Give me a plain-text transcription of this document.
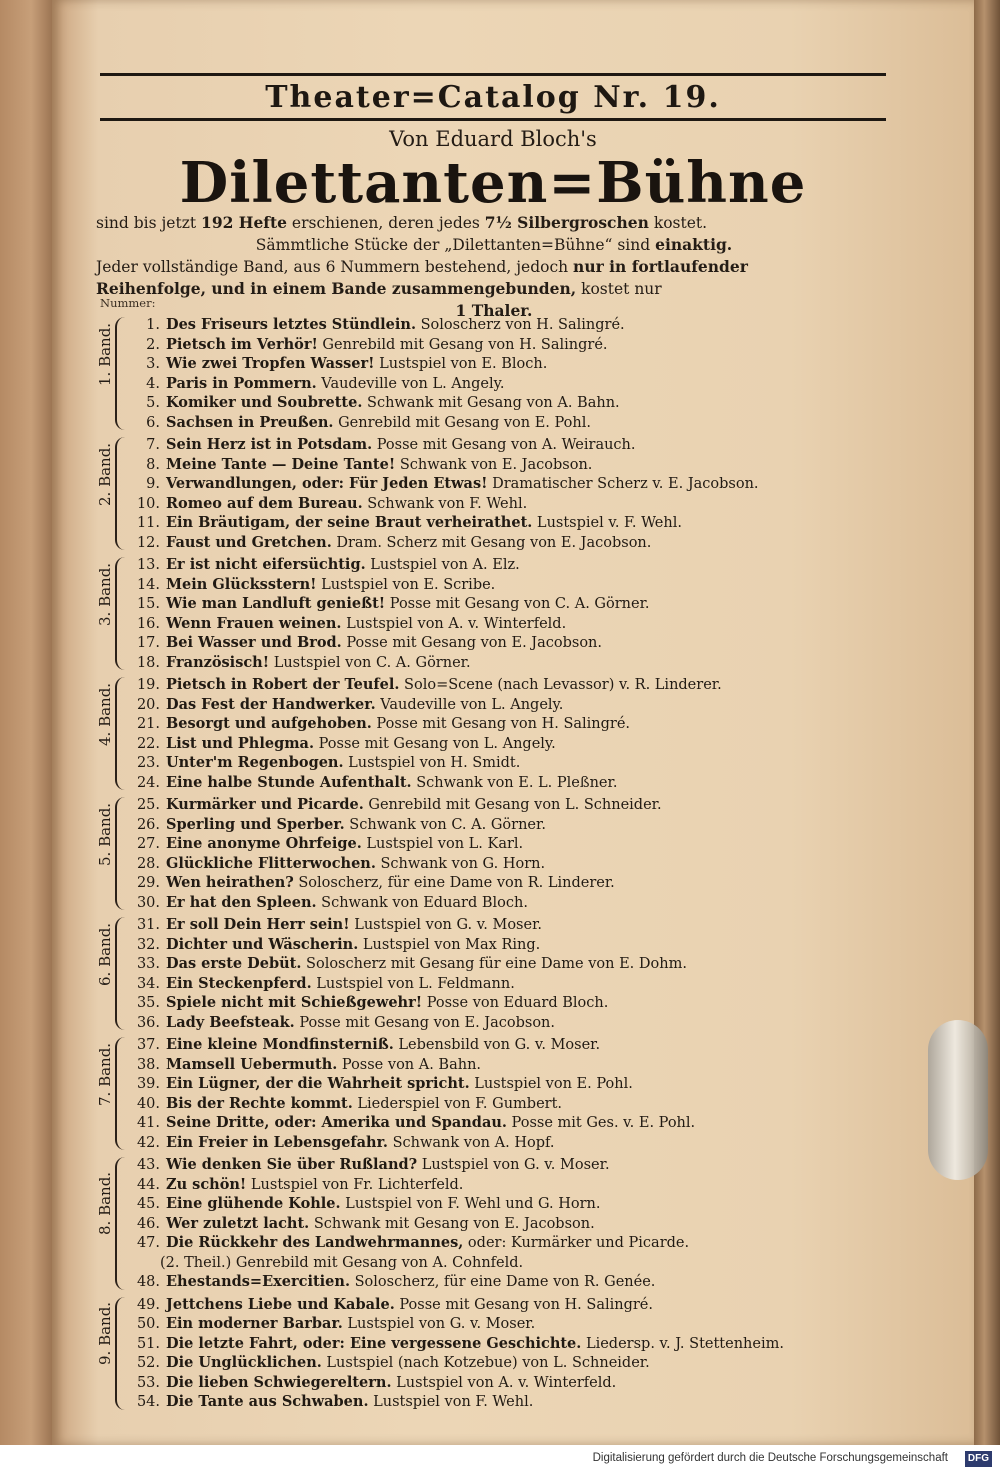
Theater=Catalog Nr. 19.
Von Eduard Bloch's
Dilettanten=Bühne
sind bis jetzt 192 Hefte erschienen, deren jedes 7½ Silbergroschen kostet.
Sämmtliche Stücke der „Dilettanten=Bühne“ sind einaktig.
Jeder vollständige Band, aus 6 Nummern bestehend, jedoch nur in fortlaufender
Reihenfolge, und in einem Bande zusammengebunden, kostet nur
1 Thaler.
Nummer:
1. Des Friseurs letztes Stündlein. Soloscherz von H. Salingré.
2. Pietsch im Verhör! Genrebild mit Gesang von H. Salingré.
3. Wie zwei Tropfen Wasser! Lustspiel von E. Bloch.
4. Paris in Pommern. Vaudeville von L. Angely.
5. Komiker und Soubrette. Schwank mit Gesang von A. Bahn.
6. Sachsen in Preußen. Genrebild mit Gesang von E. Pohl.
1. Band.
7. Sein Herz ist in Potsdam. Posse mit Gesang von A. Weirauch.
8. Meine Tante — Deine Tante! Schwank von E. Jacobson.
9. Verwandlungen, oder: Für Jeden Etwas! Dramatischer Scherz v. E. Jacobson.
10. Romeo auf dem Bureau. Schwank von F. Wehl.
11. Ein Bräutigam, der seine Braut verheirathet. Lustspiel v. F. Wehl.
12. Faust und Gretchen. Dram. Scherz mit Gesang von E. Jacobson.
2. Band.
13. Er ist nicht eifersüchtig. Lustspiel von A. Elz.
14. Mein Glücksstern! Lustspiel von E. Scribe.
15. Wie man Landluft genießt! Posse mit Gesang von C. A. Görner.
16. Wenn Frauen weinen. Lustspiel von A. v. Winterfeld.
17. Bei Wasser und Brod. Posse mit Gesang von E. Jacobson.
18. Französisch! Lustspiel von C. A. Görner.
3. Band.
19. Pietsch in Robert der Teufel. Solo=Scene (nach Levassor) v. R. Linderer.
20. Das Fest der Handwerker. Vaudeville von L. Angely.
21. Besorgt und aufgehoben. Posse mit Gesang von H. Salingré.
22. List und Phlegma. Posse mit Gesang von L. Angely.
23. Unter'm Regenbogen. Lustspiel von H. Smidt.
24. Eine halbe Stunde Aufenthalt. Schwank von E. L. Pleßner.
4. Band.
25. Kurmärker und Picarde. Genrebild mit Gesang von L. Schneider.
26. Sperling und Sperber. Schwank von C. A. Görner.
27. Eine anonyme Ohrfeige. Lustspiel von L. Karl.
28. Glückliche Flitterwochen. Schwank von G. Horn.
29. Wen heirathen? Soloscherz, für eine Dame von R. Linderer.
30. Er hat den Spleen. Schwank von Eduard Bloch.
5. Band.
31. Er soll Dein Herr sein! Lustspiel von G. v. Moser.
32. Dichter und Wäscherin. Lustspiel von Max Ring.
33. Das erste Debüt. Soloscherz mit Gesang für eine Dame von E. Dohm.
34. Ein Steckenpferd. Lustspiel von L. Feldmann.
35. Spiele nicht mit Schießgewehr! Posse von Eduard Bloch.
36. Lady Beefsteak. Posse mit Gesang von E. Jacobson.
6. Band.
37. Eine kleine Mondfinsterniß. Lebensbild von G. v. Moser.
38. Mamsell Uebermuth. Posse von A. Bahn.
39. Ein Lügner, der die Wahrheit spricht. Lustspiel von E. Pohl.
40. Bis der Rechte kommt. Liederspiel von F. Gumbert.
41. Seine Dritte, oder: Amerika und Spandau. Posse mit Ges. v. E. Pohl.
42. Ein Freier in Lebensgefahr. Schwank von A. Hopf.
7. Band.
43. Wie denken Sie über Rußland? Lustspiel von G. v. Moser.
44. Zu schön! Lustspiel von Fr. Lichterfeld.
45. Eine glühende Kohle. Lustspiel von F. Wehl und G. Horn.
46. Wer zuletzt lacht. Schwank mit Gesang von E. Jacobson.
47. Die Rückkehr des Landwehrmannes, oder: Kurmärker und Picarde.
(2. Theil.) Genrebild mit Gesang von A. Cohnfeld.
48. Ehestands=Exercitien. Soloscherz, für eine Dame von R. Genée.
8. Band.
49. Jettchens Liebe und Kabale. Posse mit Gesang von H. Salingré.
50. Ein moderner Barbar. Lustspiel von G. v. Moser.
51. Die letzte Fahrt, oder: Eine vergessene Geschichte. Liedersp. v. J. Stettenheim.
52. Die Unglücklichen. Lustspiel (nach Kotzebue) von L. Schneider.
53. Die lieben Schwiegereltern. Lustspiel von A. v. Winterfeld.
54. Die Tante aus Schwaben. Lustspiel von F. Wehl.
9. Band.
Digitalisierung gefördert durch die Deutsche Forschungsgemeinschaft	DFG
